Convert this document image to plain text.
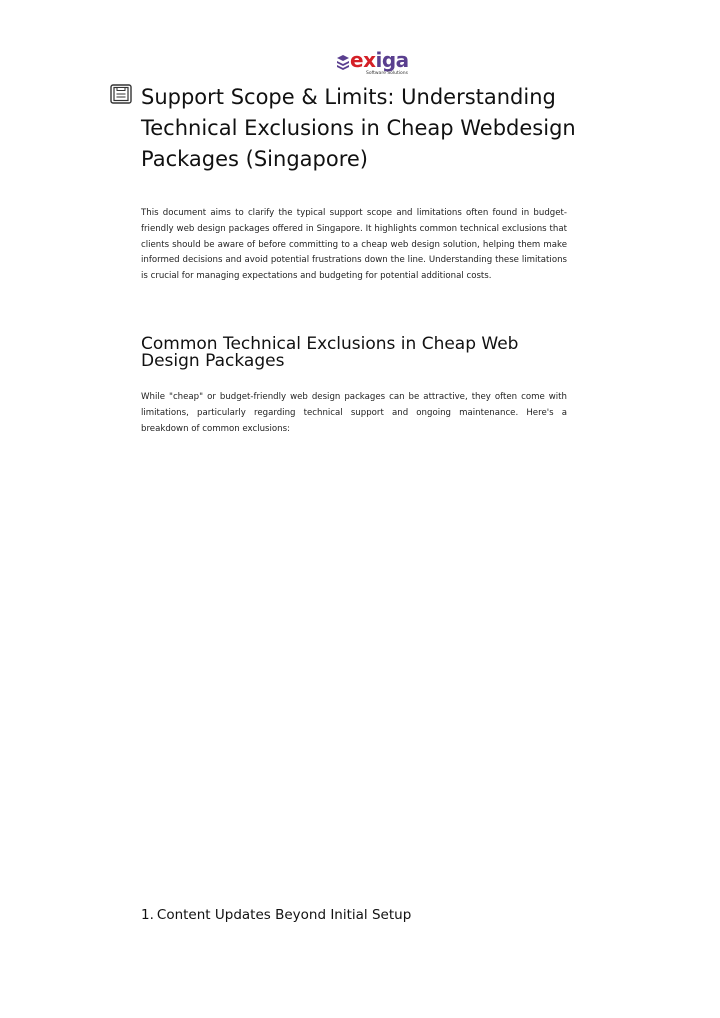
exiga
Software Solutions
Support Scope & Limits: Understanding Technical Exclusions in Cheap Webdesign Packages (Singapore)

This document aims to clarify the typical support scope and limitations often found in budget-friendly web design packages offered in Singapore. It highlights common technical exclusions that clients should be aware of before committing to a cheap web design solution, helping them make informed decisions and avoid potential frustrations down the line. Understanding these limitations is crucial for managing expectations and budgeting for potential additional costs.

Common Technical Exclusions in Cheap Web Design Packages

While "cheap" or budget-friendly web design packages can be attractive, they often come with limitations, particularly regarding technical support and ongoing maintenance. Here's a breakdown of common exclusions:

1. Content Updates Beyond Initial Setup
